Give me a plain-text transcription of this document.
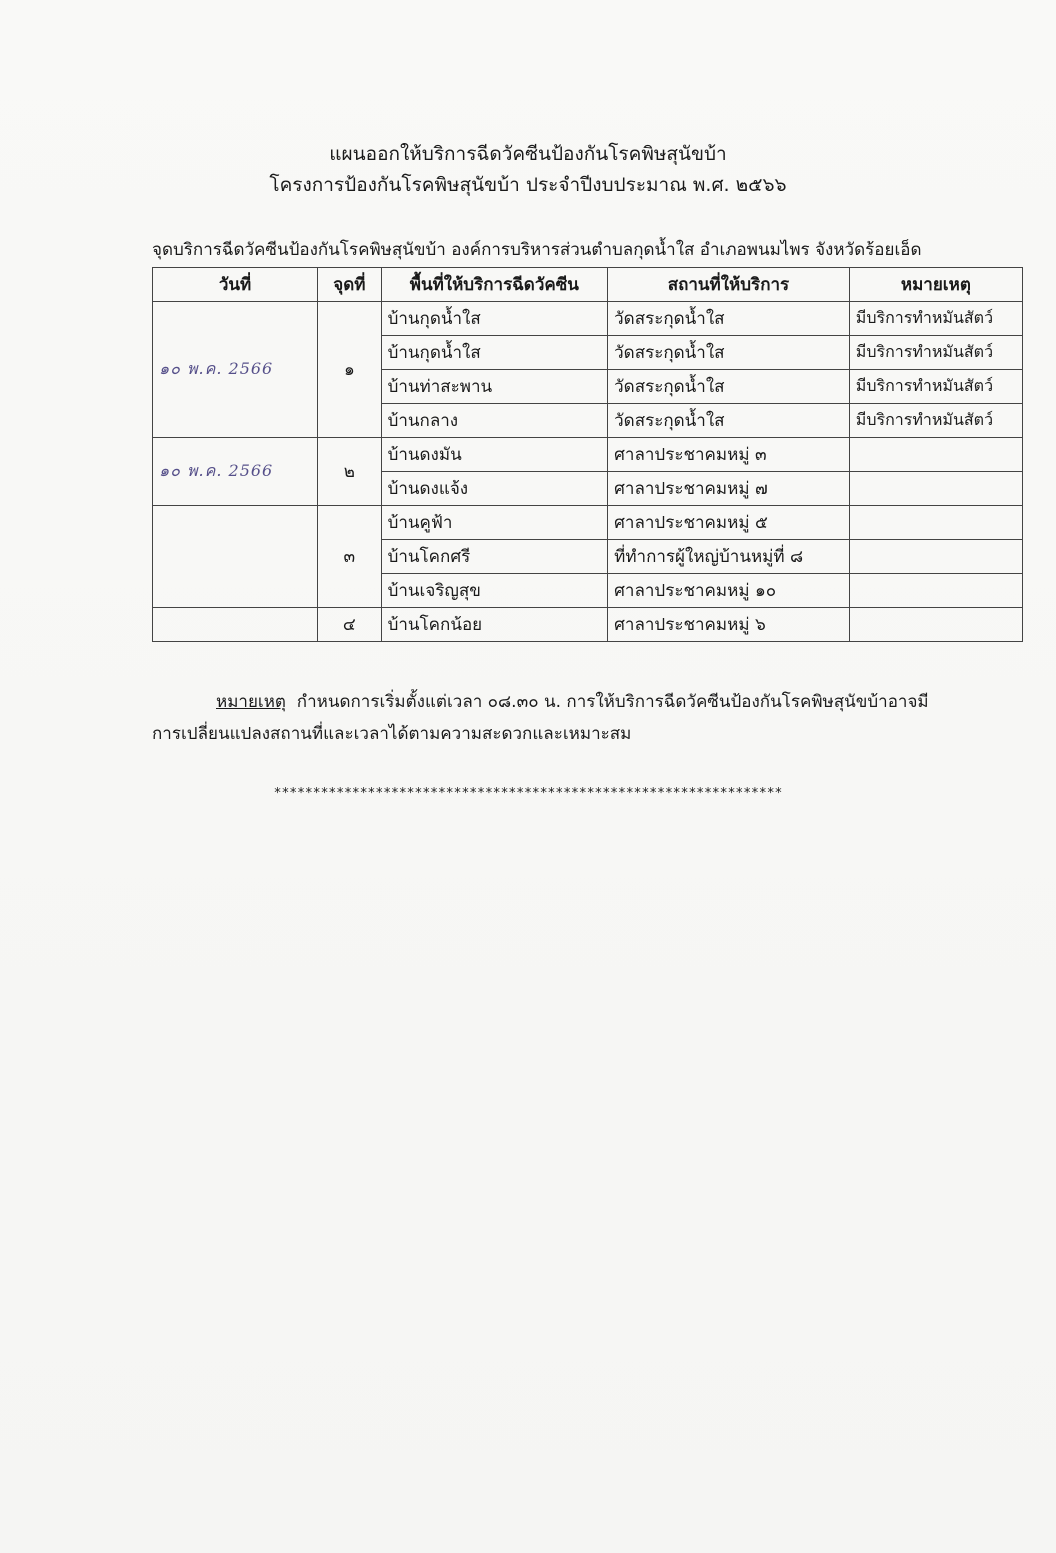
แผนออกให้บริการฉีดวัคซีนป้องกันโรคพิษสุนัขบ้า
โครงการป้องกันโรคพิษสุนัขบ้า ประจำปีงบประมาณ พ.ศ. ๒๕๖๖
จุดบริการฉีดวัคซีนป้องกันโรคพิษสุนัขบ้า องค์การบริหารส่วนตำบลกุดน้ำใส อำเภอพนมไพร จังหวัดร้อยเอ็ด
วันที่	จุดที่	พื้นที่ให้บริการฉีดวัคซีน	สถานที่ให้บริการ	หมายเหตุ
๑๐ พ.ค. 2566	๑	บ้านกุดน้ำใส	วัดสระกุดน้ำใส	มีบริการทำหมันสัตว์
		บ้านกุดน้ำใส	วัดสระกุดน้ำใส	มีบริการทำหมันสัตว์
		บ้านท่าสะพาน	วัดสระกุดน้ำใส	มีบริการทำหมันสัตว์
		บ้านกลาง	วัดสระกุดน้ำใส	มีบริการทำหมันสัตว์
๑๐ พ.ค. 2566	๒	บ้านดงมัน	ศาลาประชาคมหมู่ ๓	
		บ้านดงแจ้ง	ศาลาประชาคมหมู่ ๗	
	๓	บ้านคูฟ้า	ศาลาประชาคมหมู่ ๕	
		บ้านโคกศรี	ที่ทำการผู้ใหญ่บ้านหมู่ที่ ๘	
		บ้านเจริญสุข	ศาลาประชาคมหมู่ ๑๐	
	๔	บ้านโคกน้อย	ศาลาประชาคมหมู่ ๖	
หมายเหตุ กำหนดการเริ่มตั้งแต่เวลา ๐๘.๓๐ น. การให้บริการฉีดวัคซีนป้องกันโรคพิษสุนัขบ้าอาจมี
การเปลี่ยนแปลงสถานที่และเวลาได้ตามความสะดวกและเหมาะสม
*****************************************************************
